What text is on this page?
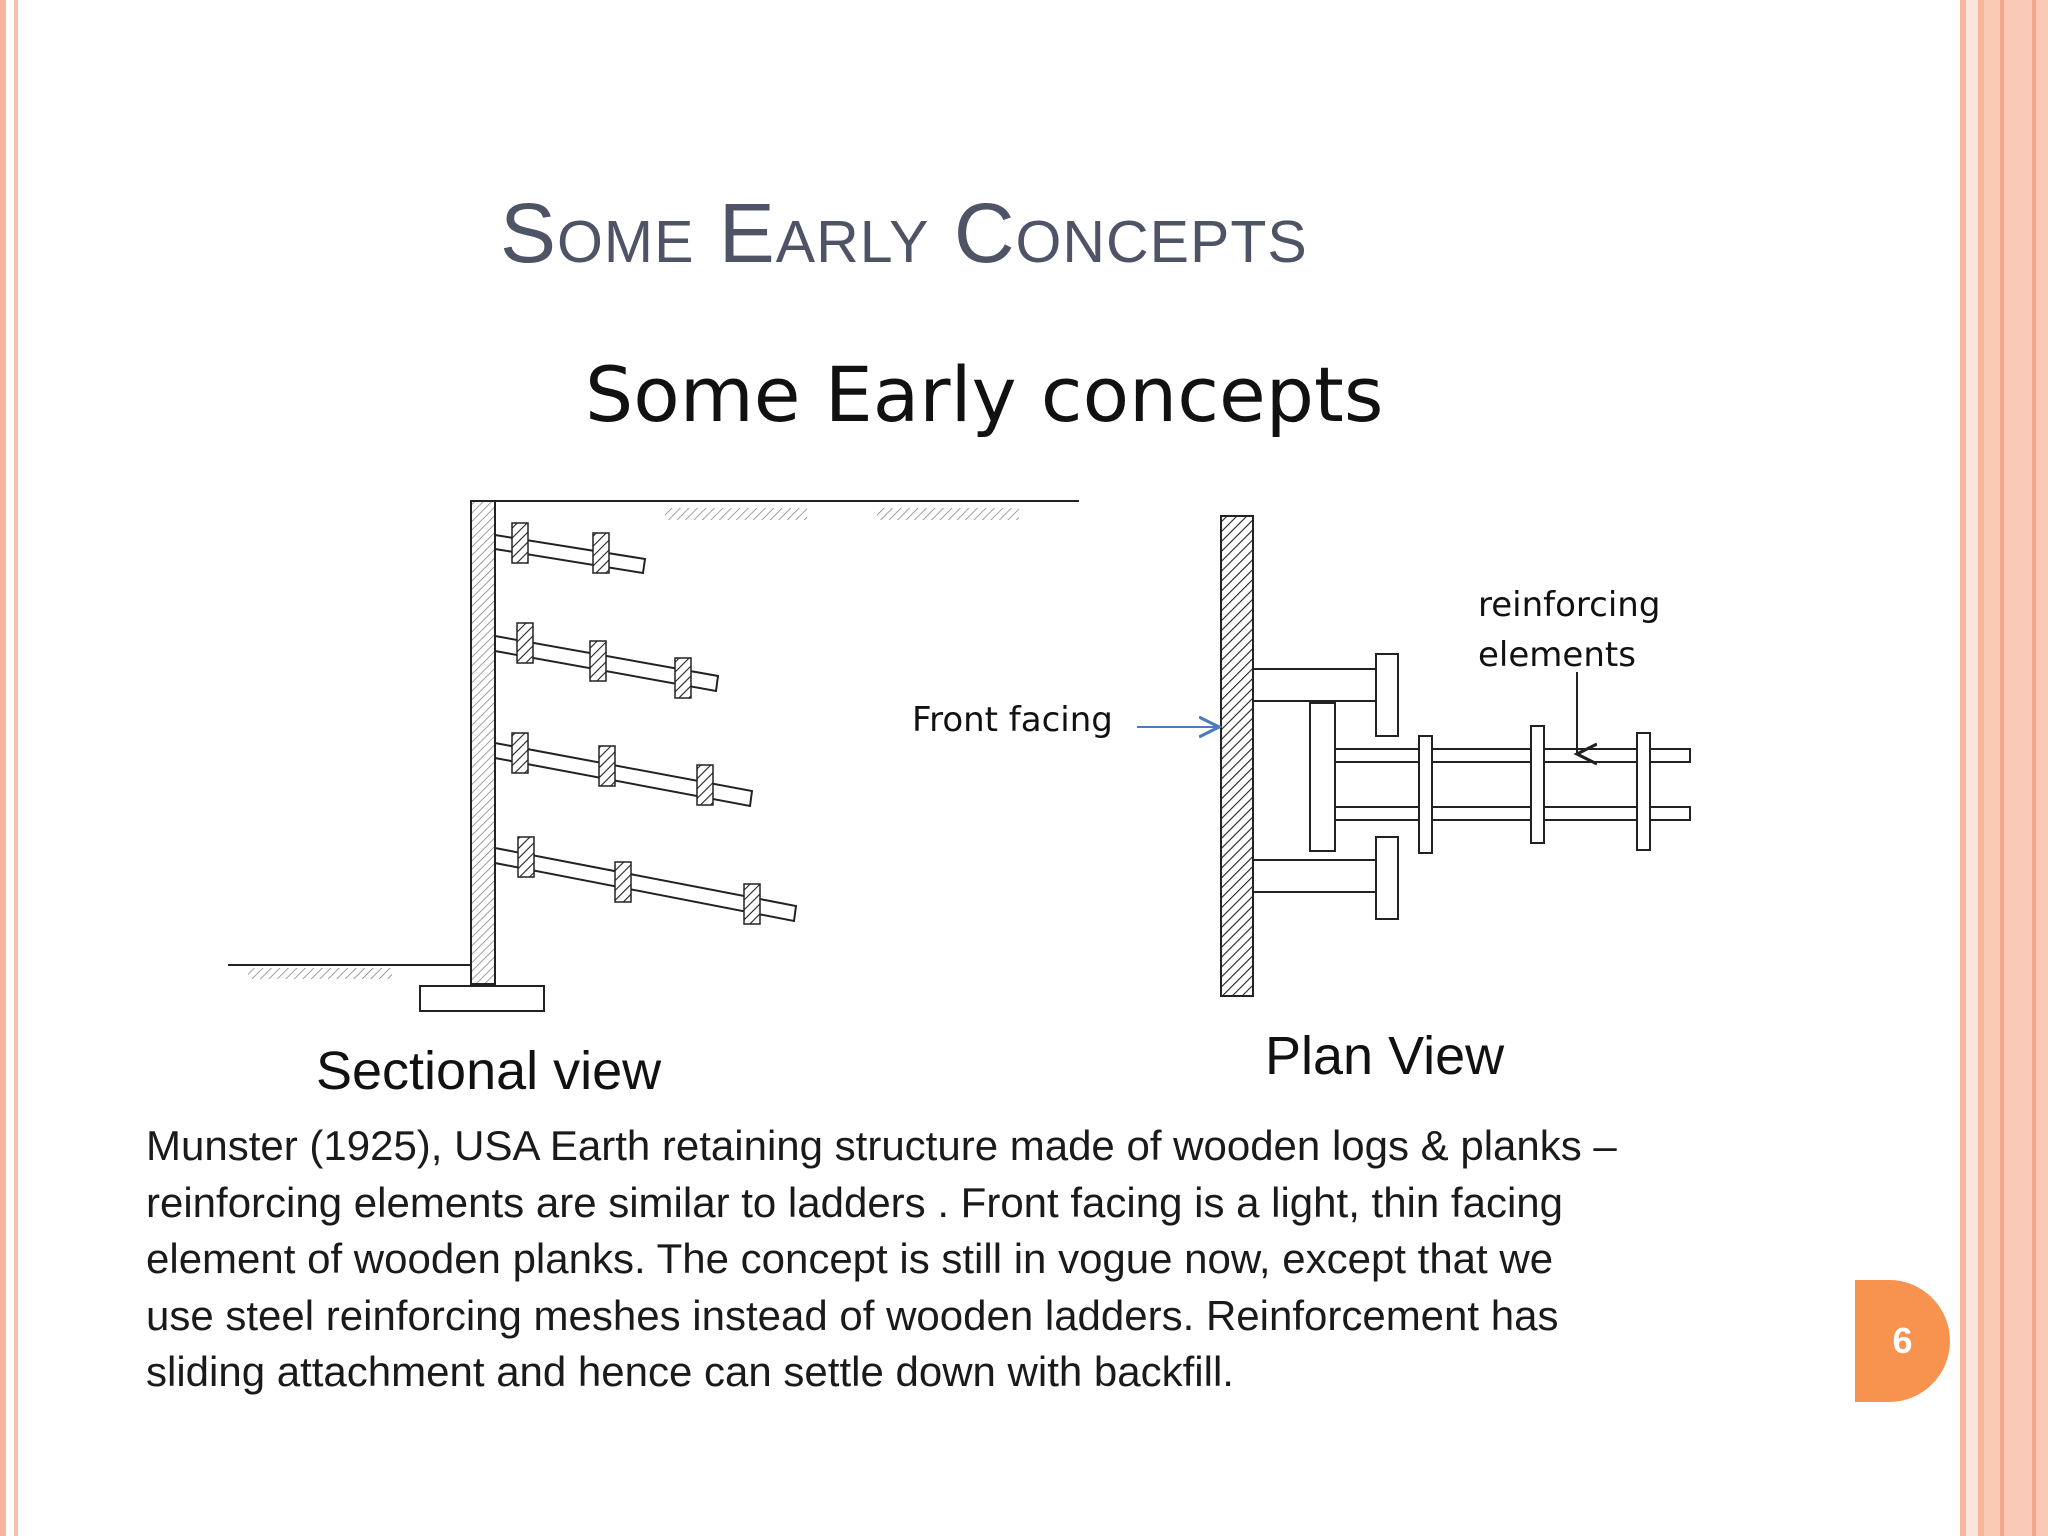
Some Early Concepts
Some Early concepts
Front facing
reinforcing
elements
Sectional view	Plan View
Munster (1925), USA Earth retaining structure made of wooden logs & planks –
reinforcing elements are similar to ladders . Front facing is a light, thin facing
element of wooden planks. The concept is still in vogue now, except that we
use steel reinforcing meshes instead of wooden ladders. Reinforcement has
sliding attachment and hence can settle down with backfill.
6
